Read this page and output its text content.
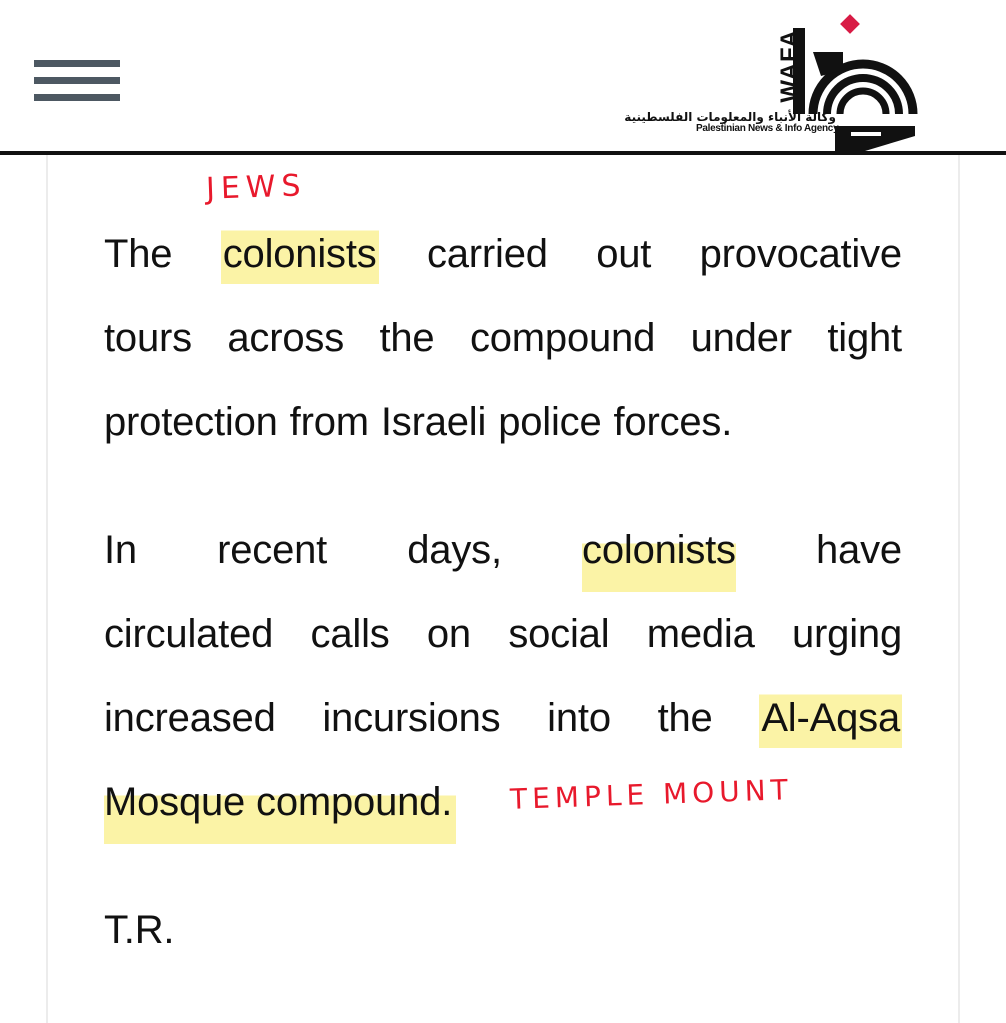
WAFA
وكالة الأنباء والمعلومات الفلسطينية
Palestinian News & Info Agency
JEWS
TEMPLE MOUNT
The colonists carried out provocative
tours across the compound under tight
protection from Israeli police forces.
In recent days, colonists have
circulated calls on social media urging
increased incursions into the Al-Aqsa
Mosque compound.
T.R.
